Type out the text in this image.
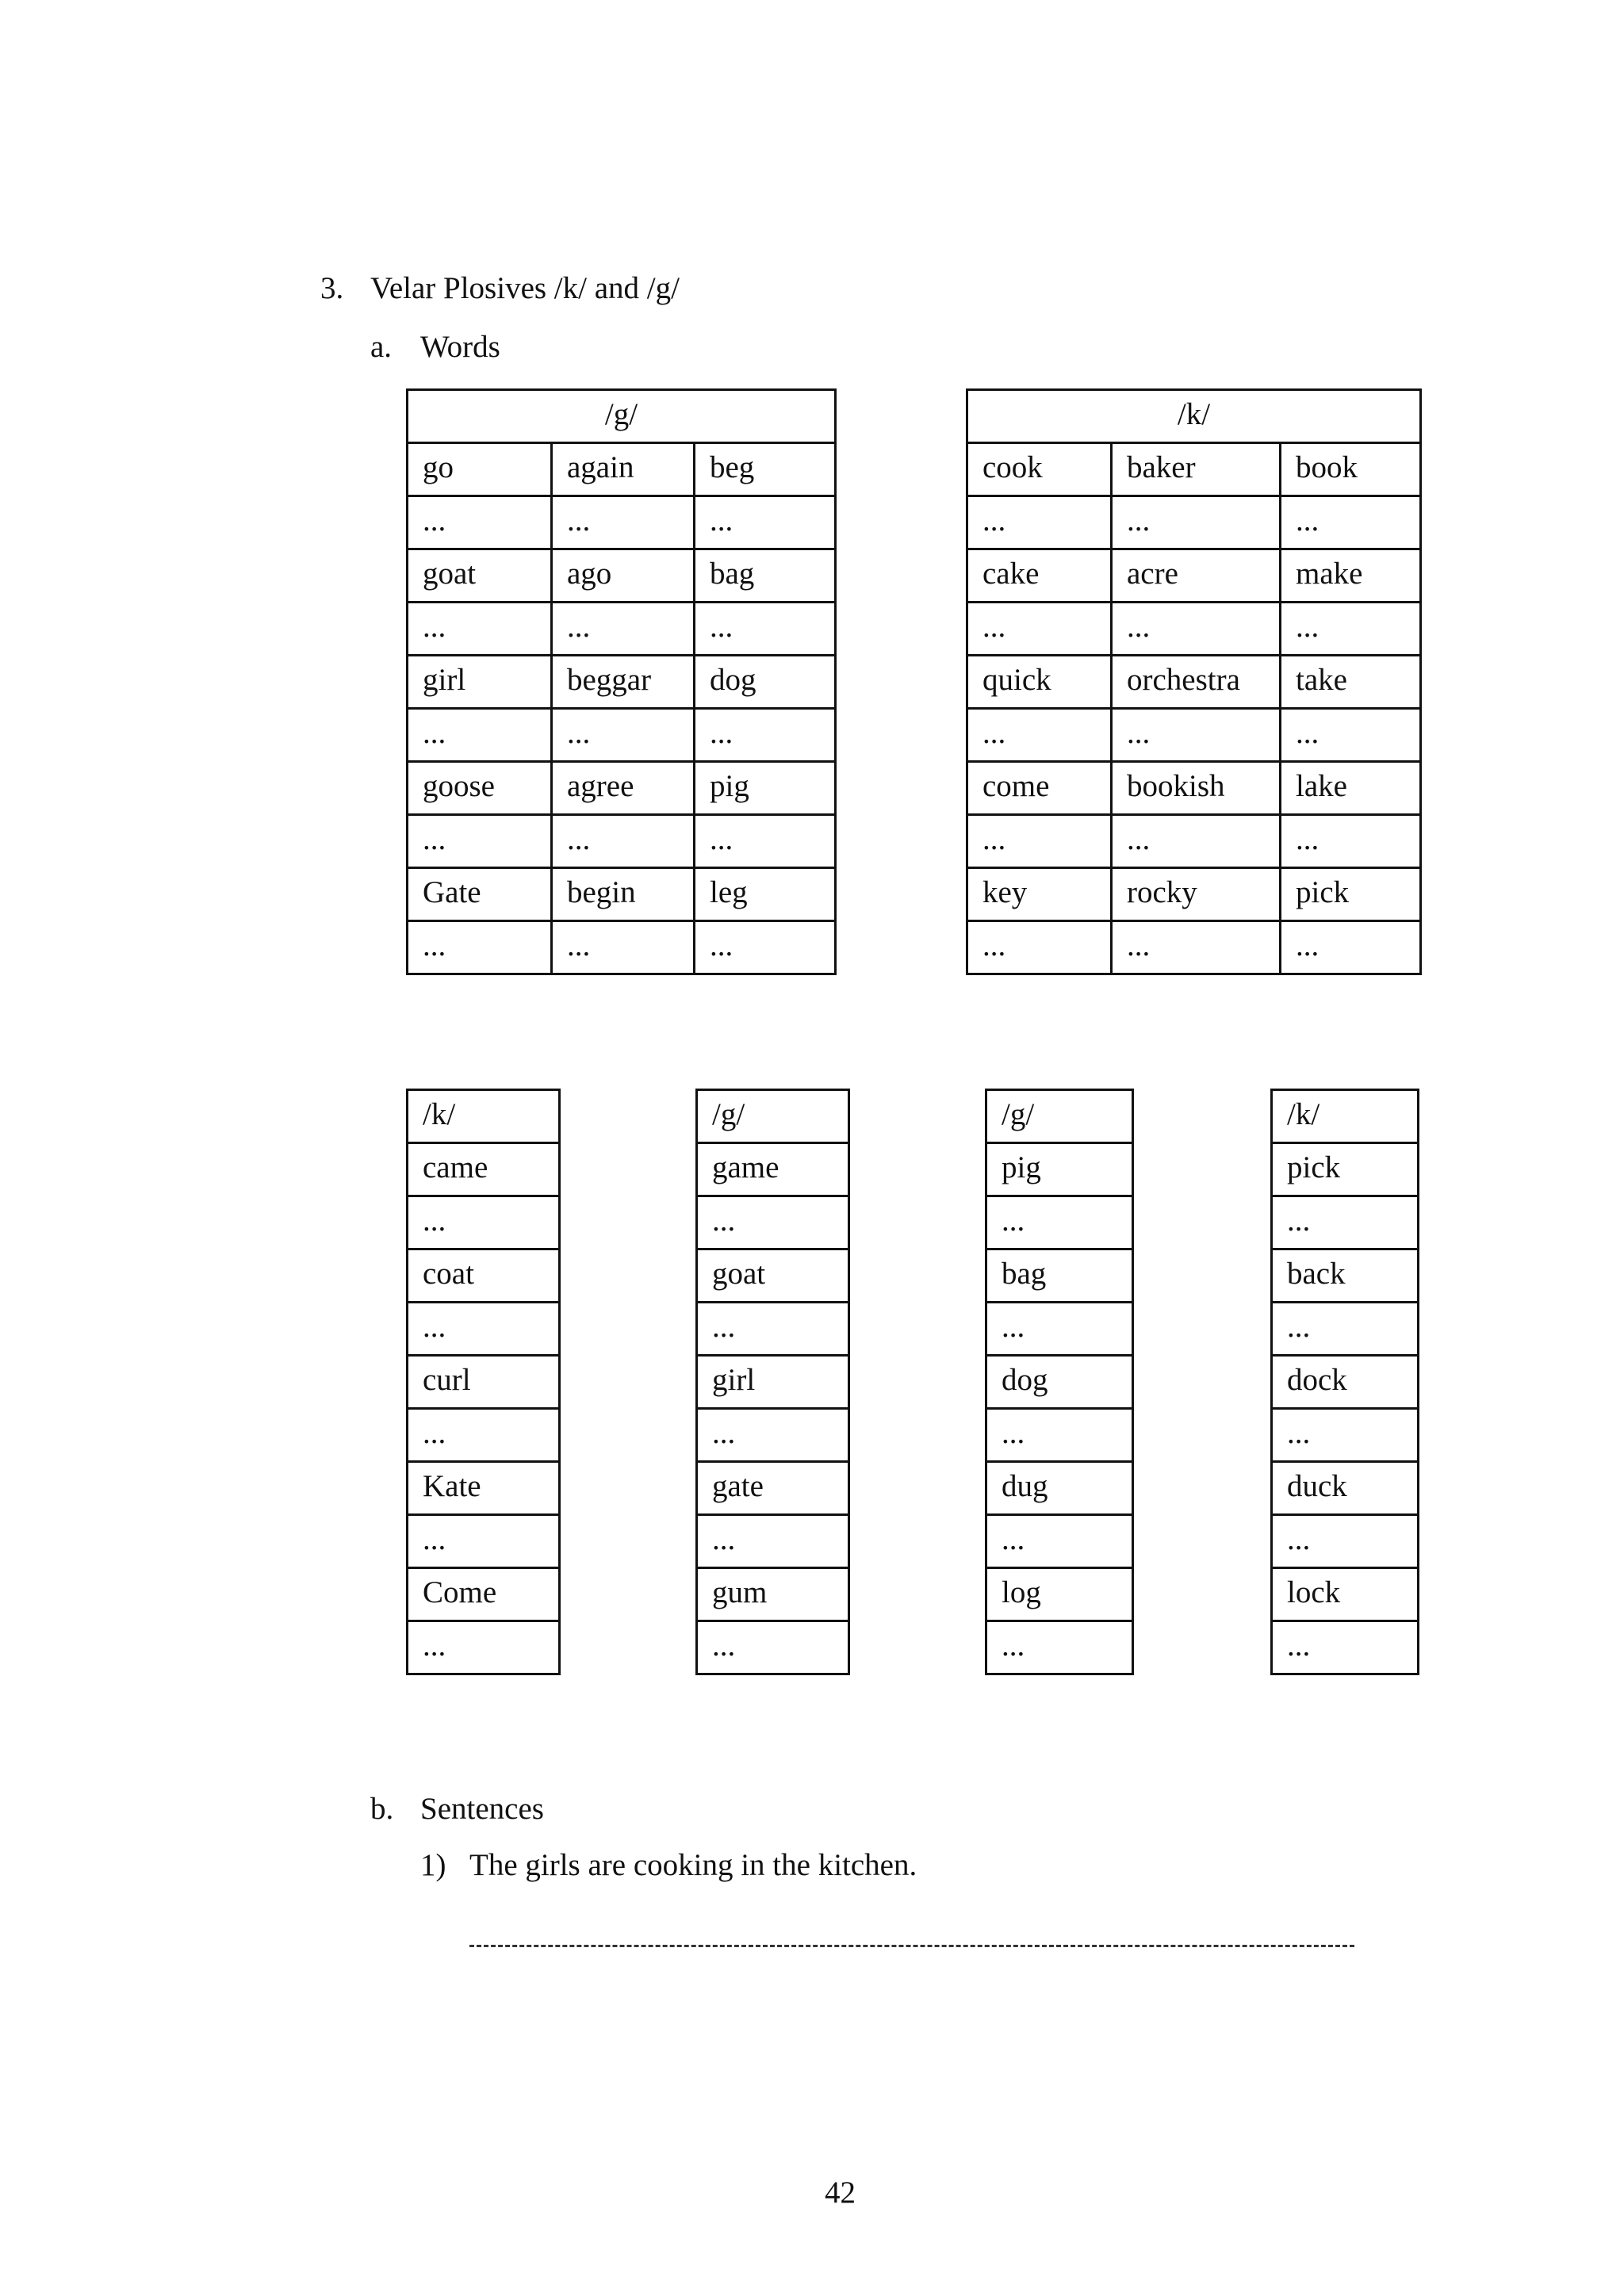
3. Velar Plosives /k/ and /g/
a. Words
/g/		
go	again	beg
...	...	...
goat	ago	bag
...	...	...
girl	beggar	dog
...	...	...
goose	agree	pig
...	...	...
Gate	begin	leg
...	...	...
/k/		
cook	baker	book
...	...	...
cake	acre	make
...	...	...
quick	orchestra	take
...	...	...
come	bookish	lake
...	...	...
key	rocky	pick
...	...	...
/k/
came
...
coat
...
curl
...
Kate
...
Come
...
/g/
game
...
goat
...
girl
...
gate
...
gum
...
/g/
pig
...
bag
...
dog
...
dug
...
log
...
/k/
pick
...
back
...
dock
...
duck
...
lock
...
b. Sentences
1) The girls are cooking in the kitchen.
42
